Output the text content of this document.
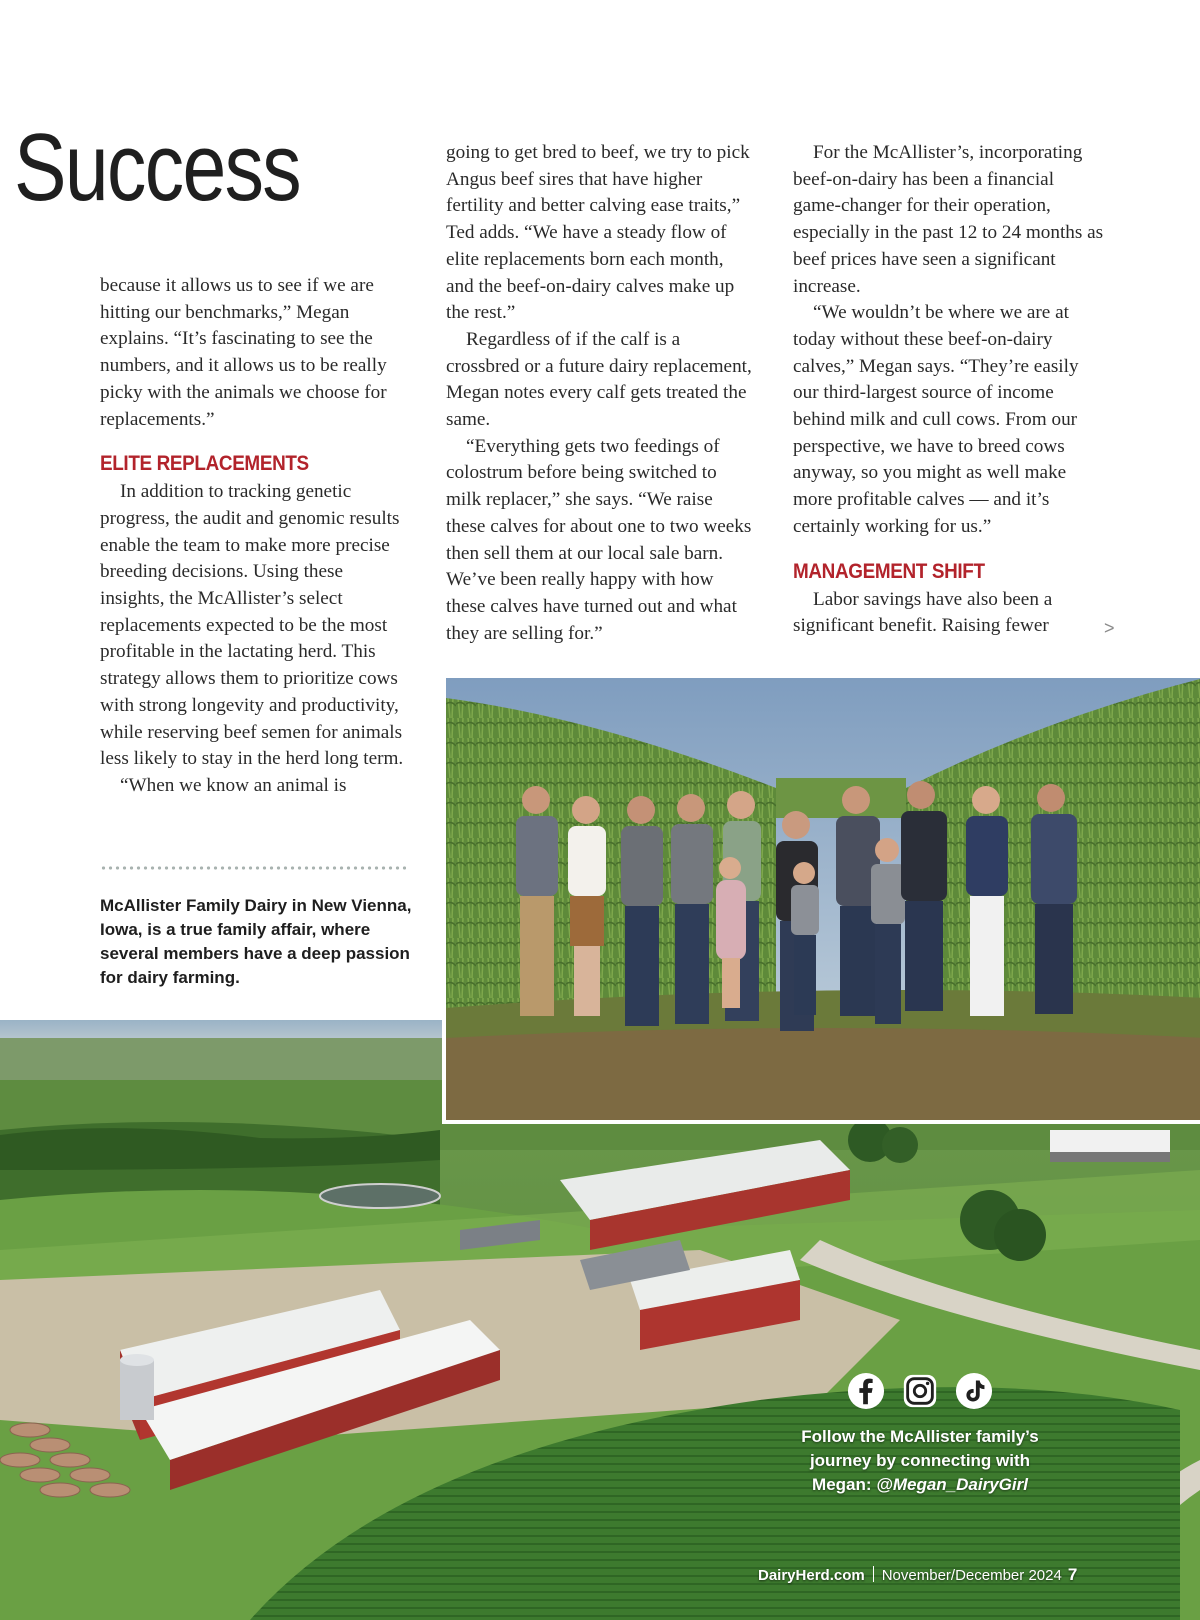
Success

because it allows us to see if we are hitting our benchmarks,” Megan explains. “It’s fascinating to see the numbers, and it allows us to be really picky with the animals we choose for replacements.”

ELITE REPLACEMENTS

In addition to tracking genetic progress, the audit and genomic results enable the team to make more precise breeding decisions. Using these insights, the McAllister’s select replacements expected to be the most profitable in the lactating herd. This strategy allows them to prioritize cows with strong longevity and productivity, while reserving beef semen for animals less likely to stay in the herd long term.

“When we know an animal is

going to get bred to beef, we try to pick Angus beef sires that have higher fertility and better calving ease traits,” Ted adds. “We have a steady flow of elite replacements born each month, and the beef-on-dairy calves make up the rest.”

Regardless of if the calf is a crossbred or a future dairy replacement, Megan notes every calf gets treated the same.

“Everything gets two feedings of colostrum before being switched to milk replacer,” she says. “We raise these calves for about one to two weeks then sell them at our local sale barn. We’ve been really happy with how these calves have turned out and what they are selling for.”

For the McAllister’s, incorporating beef-on-dairy has been a financial game-changer for their operation, especially in the past 12 to 24 months as beef prices have seen a significant increase.

“We wouldn’t be where we are at today without these beef-on-dairy calves,” Megan says. “They’re easily our third-largest source of income behind milk and cull cows. From our perspective, we have to breed cows anyway, so you might as well make more profitable calves — and it’s certainly working for us.”

MANAGEMENT SHIFT

Labor savings have also been a significant benefit. Raising fewer	>
McAllister Family Dairy in New Vienna, Iowa, is a true family affair, where several members have a deep passion for dairy farming.
Follow the McAllister family’s journey by connecting with Megan: @Megan_DairyGirl
DairyHerd.com November/December 2024 7
